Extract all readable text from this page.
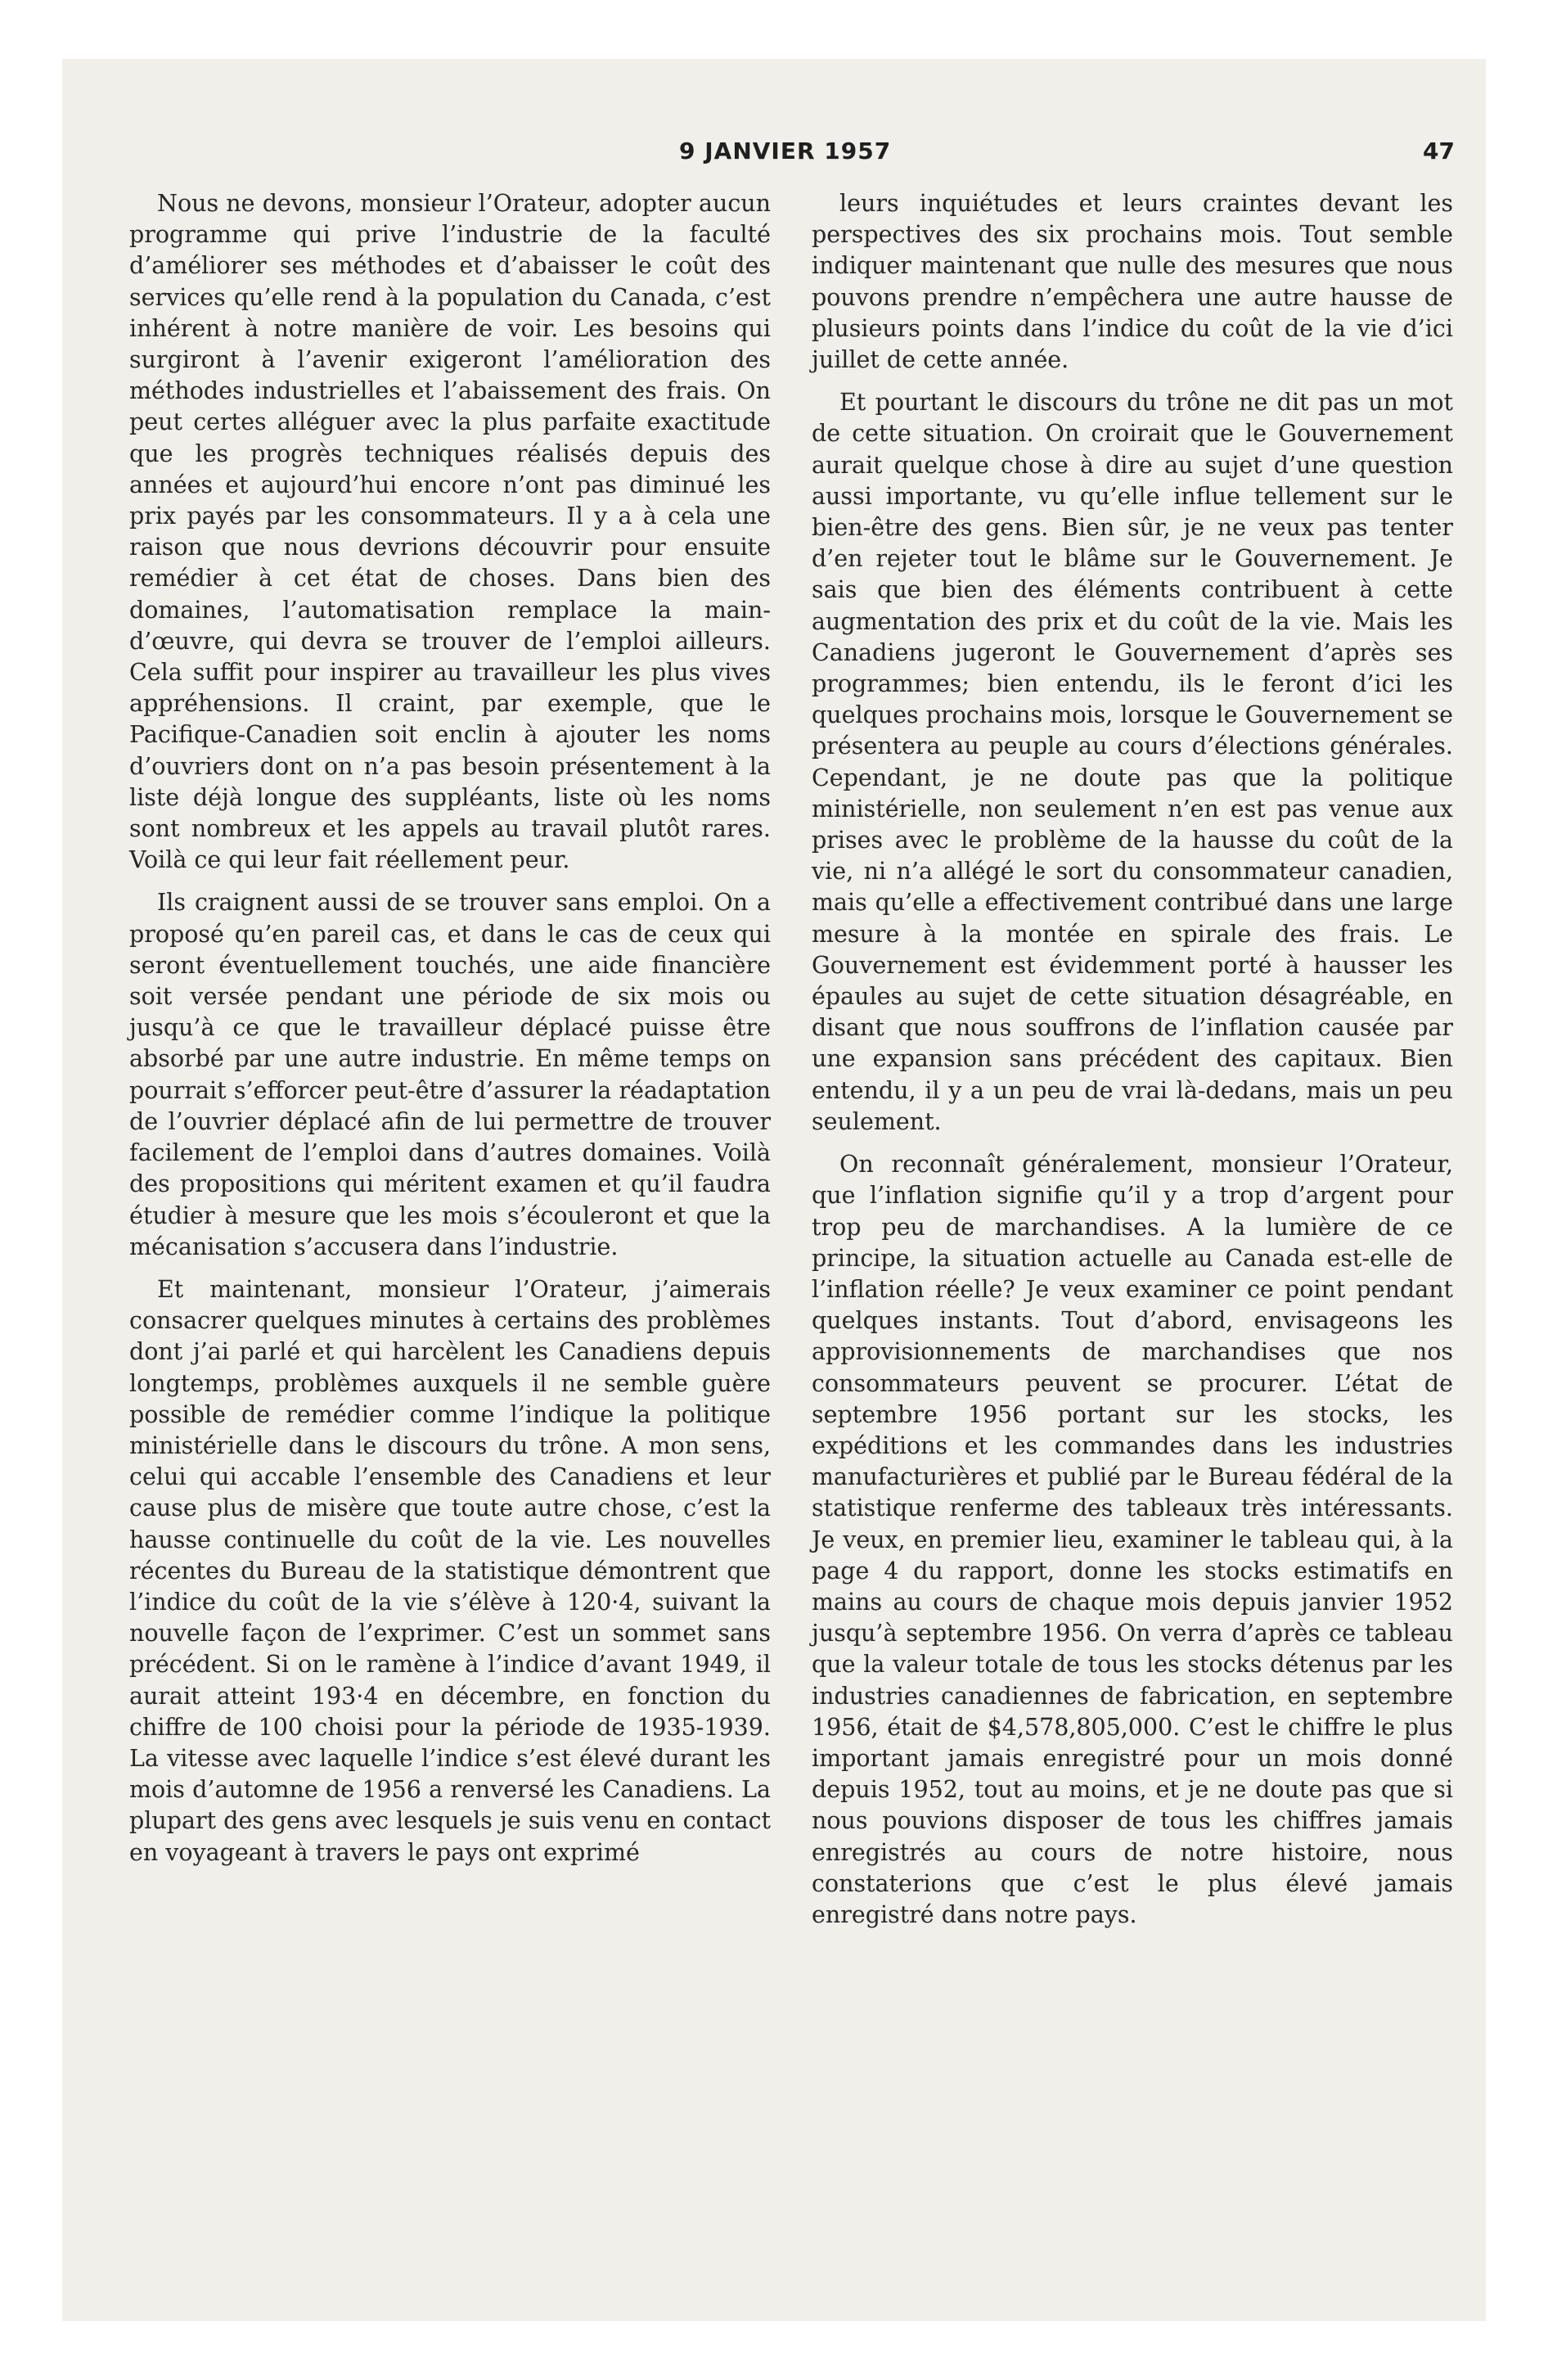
9 JANVIER 1957	47

Nous ne devons, monsieur l’Orateur, adopter aucun programme qui prive l’industrie de la faculté d’améliorer ses méthodes et d’abaisser le coût des services qu’elle rend à la population du Canada, c’est inhérent à notre manière de voir. Les besoins qui surgiront à l’avenir exigeront l’amélioration des méthodes industrielles et l’abaissement des frais. On peut certes alléguer avec la plus parfaite exactitude que les progrès techniques réalisés depuis des années et aujourd’hui encore n’ont pas diminué les prix payés par les consommateurs. Il y a à cela une raison que nous devrions découvrir pour ensuite remédier à cet état de choses. Dans bien des domaines, l’automatisation remplace la main-d’œuvre, qui devra se trouver de l’emploi ailleurs. Cela suffit pour inspirer au travailleur les plus vives appréhensions. Il craint, par exemple, que le Pacifique-Canadien soit enclin à ajouter les noms d’ouvriers dont on n’a pas besoin présentement à la liste déjà longue des suppléants, liste où les noms sont nombreux et les appels au travail plutôt rares. Voilà ce qui leur fait réellement peur.

Ils craignent aussi de se trouver sans emploi. On a proposé qu’en pareil cas, et dans le cas de ceux qui seront éventuellement touchés, une aide financière soit versée pendant une période de six mois ou jusqu’à ce que le travailleur déplacé puisse être absorbé par une autre industrie. En même temps on pourrait s’efforcer peut-être d’assurer la réadaptation de l’ouvrier déplacé afin de lui permettre de trouver facilement de l’emploi dans d’autres domaines. Voilà des propositions qui méritent examen et qu’il faudra étudier à mesure que les mois s’écouleront et que la mécanisation s’accusera dans l’industrie.

Et maintenant, monsieur l’Orateur, j’aimerais consacrer quelques minutes à certains des problèmes dont j’ai parlé et qui harcèlent les Canadiens depuis longtemps, problèmes auxquels il ne semble guère possible de remédier comme l’indique la politique ministérielle dans le discours du trône. A mon sens, celui qui accable l’ensemble des Canadiens et leur cause plus de misère que toute autre chose, c’est la hausse continuelle du coût de la vie. Les nouvelles récentes du Bureau de la statistique démontrent que l’indice du coût de la vie s’élève à 120·4, suivant la nouvelle façon de l’exprimer. C’est un sommet sans précédent. Si on le ramène à l’indice d’avant 1949, il aurait atteint 193·4 en décembre, en fonction du chiffre de 100 choisi pour la période de 1935-1939. La vitesse avec laquelle l’indice s’est élevé durant les mois d’automne de 1956 a renversé les Canadiens. La plupart des gens avec lesquels je suis venu en contact en voyageant à travers le pays ont exprimé

leurs inquiétudes et leurs craintes devant les perspectives des six prochains mois. Tout semble indiquer maintenant que nulle des mesures que nous pouvons prendre n’empêchera une autre hausse de plusieurs points dans l’indice du coût de la vie d’ici juillet de cette année.

Et pourtant le discours du trône ne dit pas un mot de cette situation. On croirait que le Gouvernement aurait quelque chose à dire au sujet d’une question aussi importante, vu qu’elle influe tellement sur le bien-être des gens. Bien sûr, je ne veux pas tenter d’en rejeter tout le blâme sur le Gouvernement. Je sais que bien des éléments contribuent à cette augmentation des prix et du coût de la vie. Mais les Canadiens jugeront le Gouvernement d’après ses programmes; bien entendu, ils le feront d’ici les quelques prochains mois, lorsque le Gouvernement se présentera au peuple au cours d’élections générales. Cependant, je ne doute pas que la politique ministérielle, non seulement n’en est pas venue aux prises avec le problème de la hausse du coût de la vie, ni n’a allégé le sort du consommateur canadien, mais qu’elle a effectivement contribué dans une large mesure à la montée en spirale des frais. Le Gouvernement est évidemment porté à hausser les épaules au sujet de cette situation désagréable, en disant que nous souffrons de l’inflation causée par une expansion sans précédent des capitaux. Bien entendu, il y a un peu de vrai là-dedans, mais un peu seulement.

On reconnaît généralement, monsieur l’Orateur, que l’inflation signifie qu’il y a trop d’argent pour trop peu de marchandises. A la lumière de ce principe, la situation actuelle au Canada est-elle de l’inflation réelle? Je veux examiner ce point pendant quelques instants. Tout d’abord, envisageons les approvisionnements de marchandises que nos consommateurs peuvent se procurer. L’état de septembre 1956 portant sur les stocks, les expéditions et les commandes dans les industries manufacturières et publié par le Bureau fédéral de la statistique renferme des tableaux très intéressants. Je veux, en premier lieu, examiner le tableau qui, à la page 4 du rapport, donne les stocks estimatifs en mains au cours de chaque mois depuis janvier 1952 jusqu’à septembre 1956. On verra d’après ce tableau que la valeur totale de tous les stocks détenus par les industries canadiennes de fabrication, en septembre 1956, était de $4,578,805,000. C’est le chiffre le plus important jamais enregistré pour un mois donné depuis 1952, tout au moins, et je ne doute pas que si nous pouvions disposer de tous les chiffres jamais enregistrés au cours de notre histoire, nous constaterions que c’est le plus élevé jamais enregistré dans notre pays.
